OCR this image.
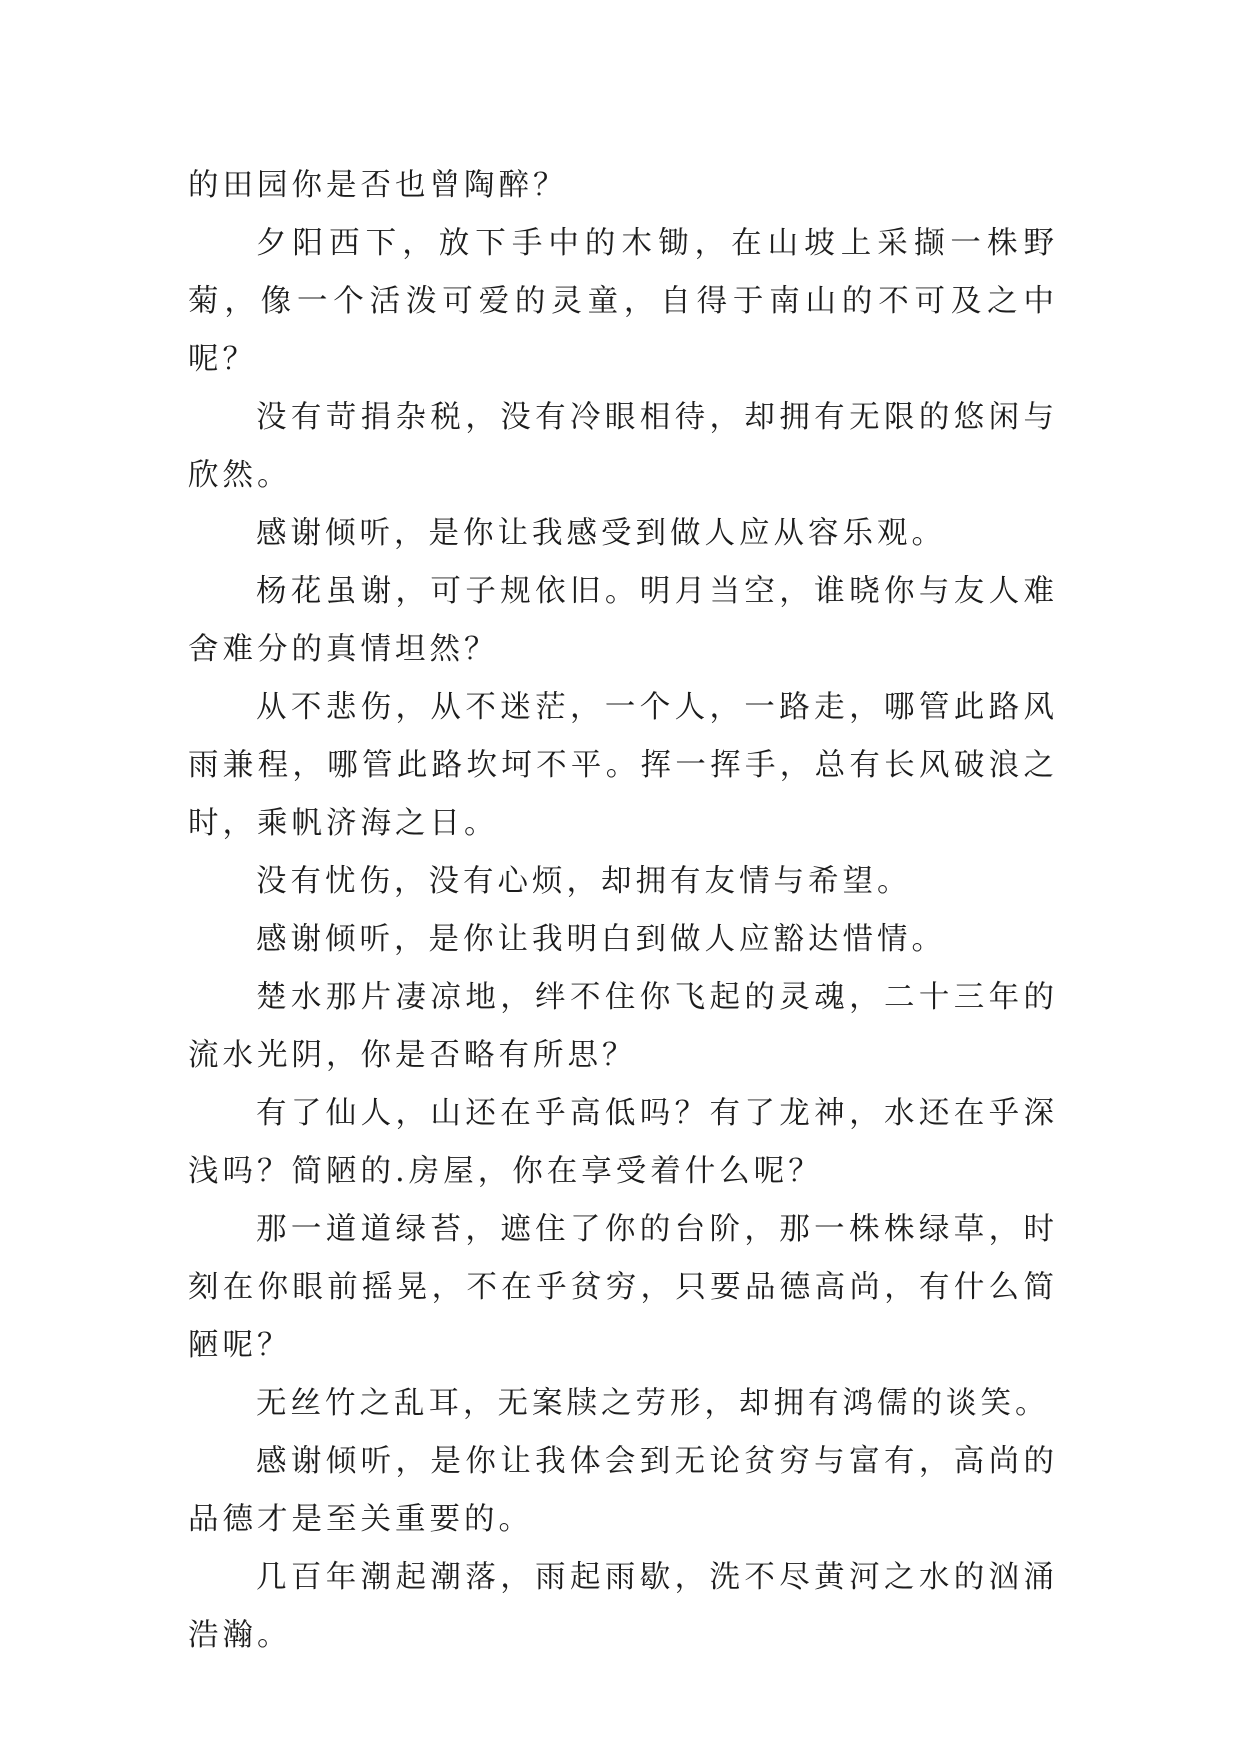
的田园你是否也曾陶醉？

夕阳西下，放下手中的木锄，在山坡上采撷一株野菊，像一个活泼可爱的灵童，自得于南山的不可及之中呢？

没有苛捐杂税，没有冷眼相待，却拥有无限的悠闲与欣然。

感谢倾听，是你让我感受到做人应从容乐观。

杨花虽谢，可子规依旧。明月当空，谁晓你与友人难舍难分的真情坦然？

从不悲伤，从不迷茫，一个人，一路走，哪管此路风雨兼程，哪管此路坎坷不平。挥一挥手，总有长风破浪之时，乘帆济海之日。

没有忧伤，没有心烦，却拥有友情与希望。

感谢倾听，是你让我明白到做人应豁达惜情。

楚水那片凄凉地，绊不住你飞起的灵魂，二十三年的流水光阴，你是否略有所思？

有了仙人，山还在乎高低吗？有了龙神，水还在乎深浅吗？简陋的.房屋，你在享受着什么呢？

那一道道绿苔，遮住了你的台阶，那一株株绿草，时刻在你眼前摇晃，不在乎贫穷，只要品德高尚，有什么简陋呢？

无丝竹之乱耳，无案牍之劳形，却拥有鸿儒的谈笑。

感谢倾听，是你让我体会到无论贫穷与富有，高尚的品德才是至关重要的。

几百年潮起潮落，雨起雨歇，洗不尽黄河之水的汹涌浩瀚。
